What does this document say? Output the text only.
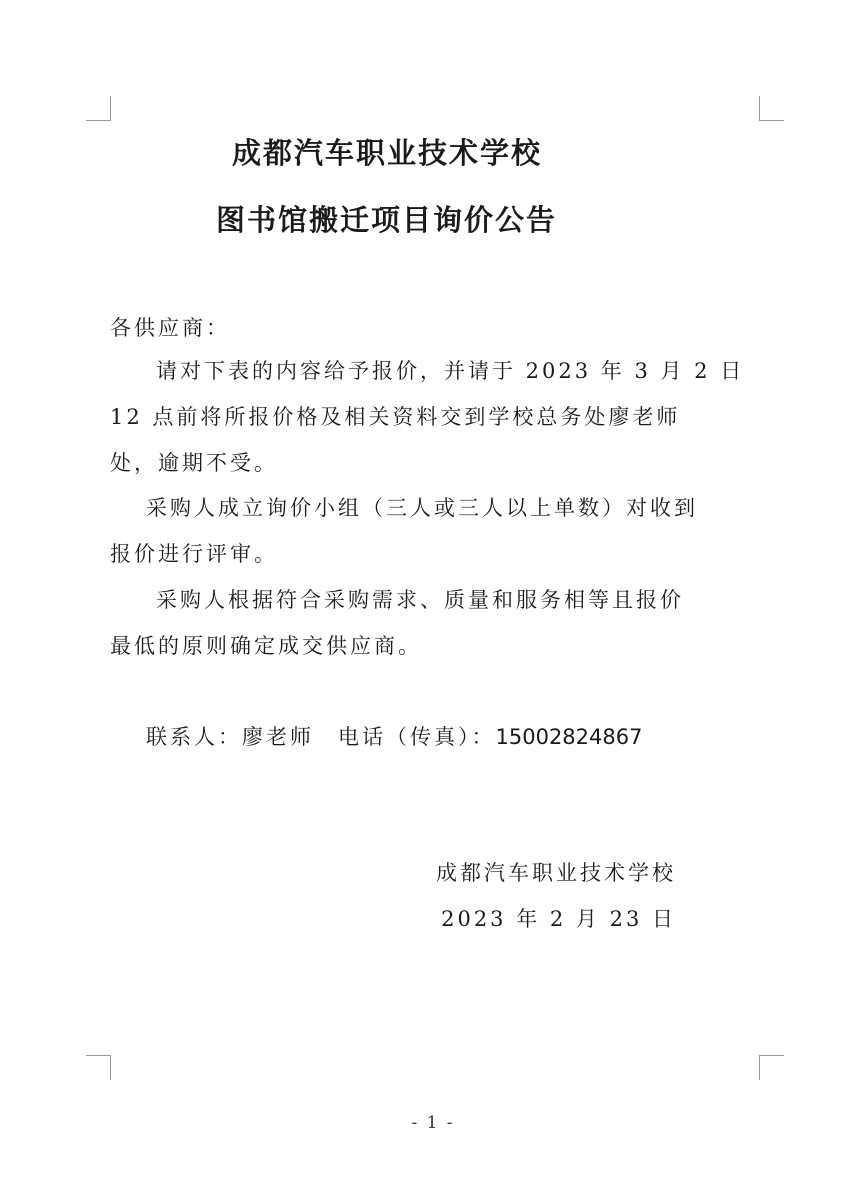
成都汽车职业技术学校
图书馆搬迁项目询价公告
各供应商：
请对下表的内容给予报价，并请于 2023 年 3 月 2 日
12 点前将所报价格及相关资料交到学校总务处廖老师
处，逾期不受。
采购人成立询价小组（三人或三人以上单数）对收到
报价进行评审。
采购人根据符合采购需求、质量和服务相等且报价
最低的原则确定成交供应商。
联系人：廖老师 电话（传真）：15002824867
成都汽车职业技术学校
2023 年 2 月 23 日
- 1 -
